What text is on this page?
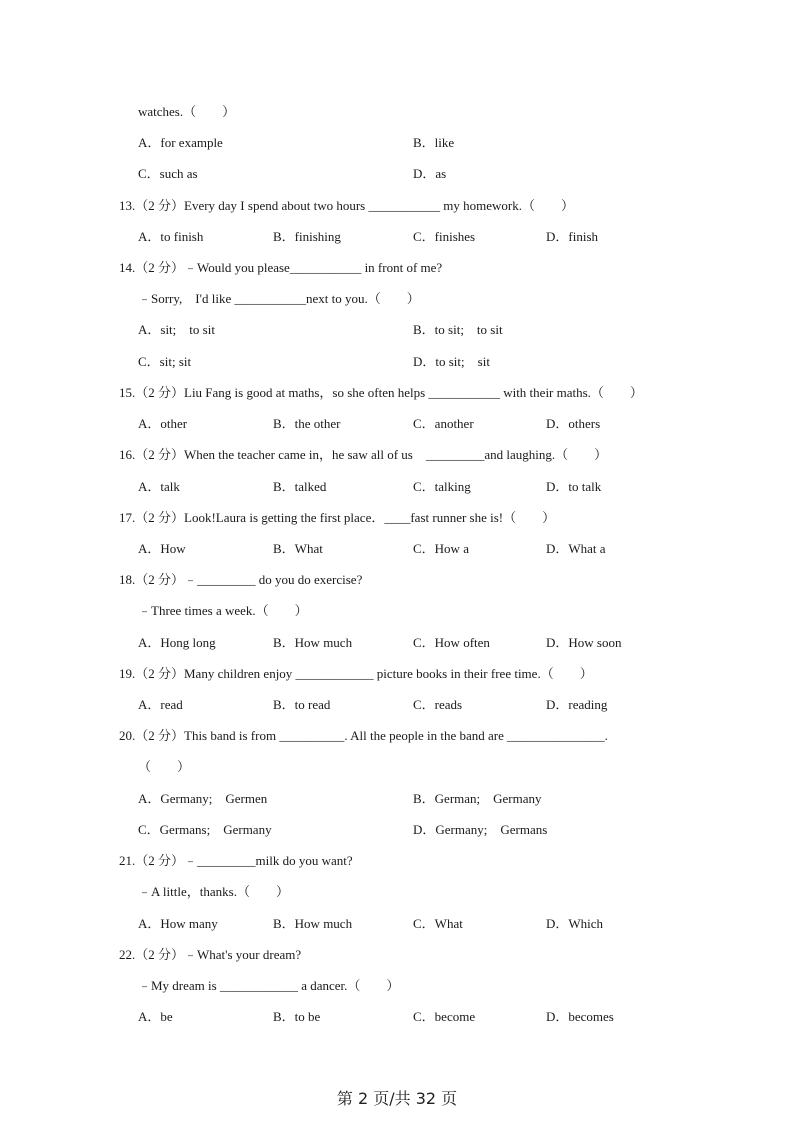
watches.（　　）
A．for example	B．like
C．such as	D．as
13.（2 分）Every day I spend about two hours ___________ my homework.（　　）
A．to finish	B．finishing	C．finishes	D．finish
14.（2 分）﹣Would you please___________ in front of me?
﹣Sorry,　I'd like ___________next to you.（　　）
A．sit;　to sit	B．to sit;　to sit
C．sit; sit	D．to sit;　sit
15.（2 分）Liu Fang is good at maths，so she often helps ___________ with their maths.（　　）
A．other	B．the other	C．another	D．others
16.（2 分）When the teacher came in，he saw all of us　_________and laughing.（　　）
A．talk	B．talked	C．talking	D．to talk
17.（2 分）Look!Laura is getting the first place．____fast runner she is!（　　）
A．How	B．What	C．How a	D．What a
18.（2 分）﹣_________ do you do exercise?
﹣Three times a week.（　　）
A．Hong long	B．How much	C．How often	D．How soon
19.（2 分）Many children enjoy ____________ picture books in their free time.（　　）
A．read	B．to read	C．reads	D．reading
20.（2 分）This band is from __________. All the people in the band are _______________.
（　　）
A．Germany;　Germen	B．German;　Germany
C．Germans;　Germany	D．Germany;　Germans
21.（2 分）﹣_________milk do you want?
﹣A little，thanks.（　　）
A．How many	B．How much	C．What	D．Which
22.（2 分）﹣What's your dream?
﹣My dream is ____________ a dancer.（　　）
A．be	B．to be	C．become	D．becomes
第 2 页/共 32 页
